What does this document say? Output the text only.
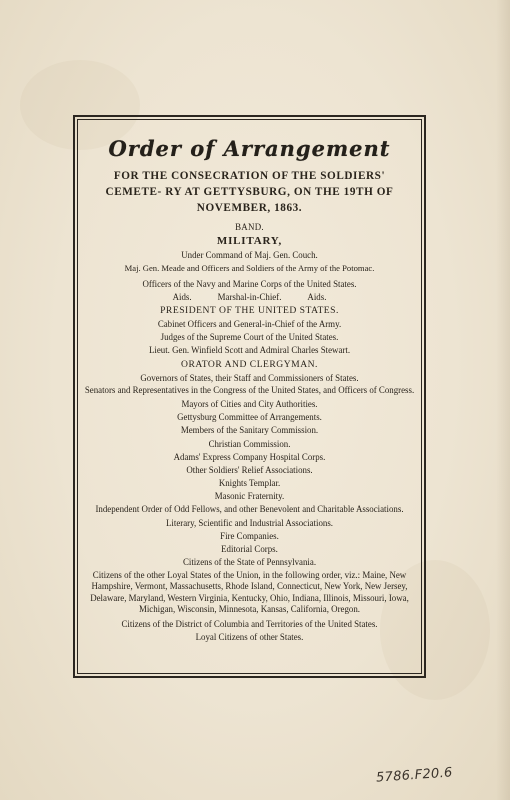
Order of Arrangement
FOR THE CONSECRATION OF THE SOLDIERS' CEMETE- RY AT GETTYSBURG, ON THE 19TH OF NOVEMBER, 1863.
BAND.
MILITARY,
Under Command of Maj. Gen. Couch.
Maj. Gen. Meade and Officers and Soldiers of the Army of the Potomac.
Officers of the Navy and Marine Corps of the United States.
Aids.	Marshal-in-Chief.	Aids.
PRESIDENT OF THE UNITED STATES.
Cabinet Officers and General-in-Chief of the Army.
Judges of the Supreme Court of the United States.
Lieut. Gen. Winfield Scott and Admiral Charles Stewart.
ORATOR AND CLERGYMAN.
Governors of States, their Staff and Commissioners of States.
Senators and Representatives in the Congress of the United States, and Officers of Congress.
Mayors of Cities and City Authorities.
Gettysburg Committee of Arrangements.
Members of the Sanitary Commission.
Christian Commission.
Adams' Express Company Hospital Corps.
Other Soldiers' Relief Associations.
Knights Templar.
Masonic Fraternity.
Independent Order of Odd Fellows, and other Benevolent and Charitable Associations.
Literary, Scientific and Industrial Associations.
Fire Companies.
Editorial Corps.
Citizens of the State of Pennsylvania.
Citizens of the other Loyal States of the Union, in the following order, viz.: Maine, New Hampshire, Vermont, Massachusetts, Rhode Island, Connecticut, New York, New Jersey, Delaware, Maryland, Western Virginia, Kentucky, Ohio, Indiana, Illinois, Missouri, Iowa, Michigan, Wisconsin, Minnesota, Kansas, California, Oregon.
Citizens of the District of Columbia and Territories of the United States.
Loyal Citizens of other States.
5786.F20.6
